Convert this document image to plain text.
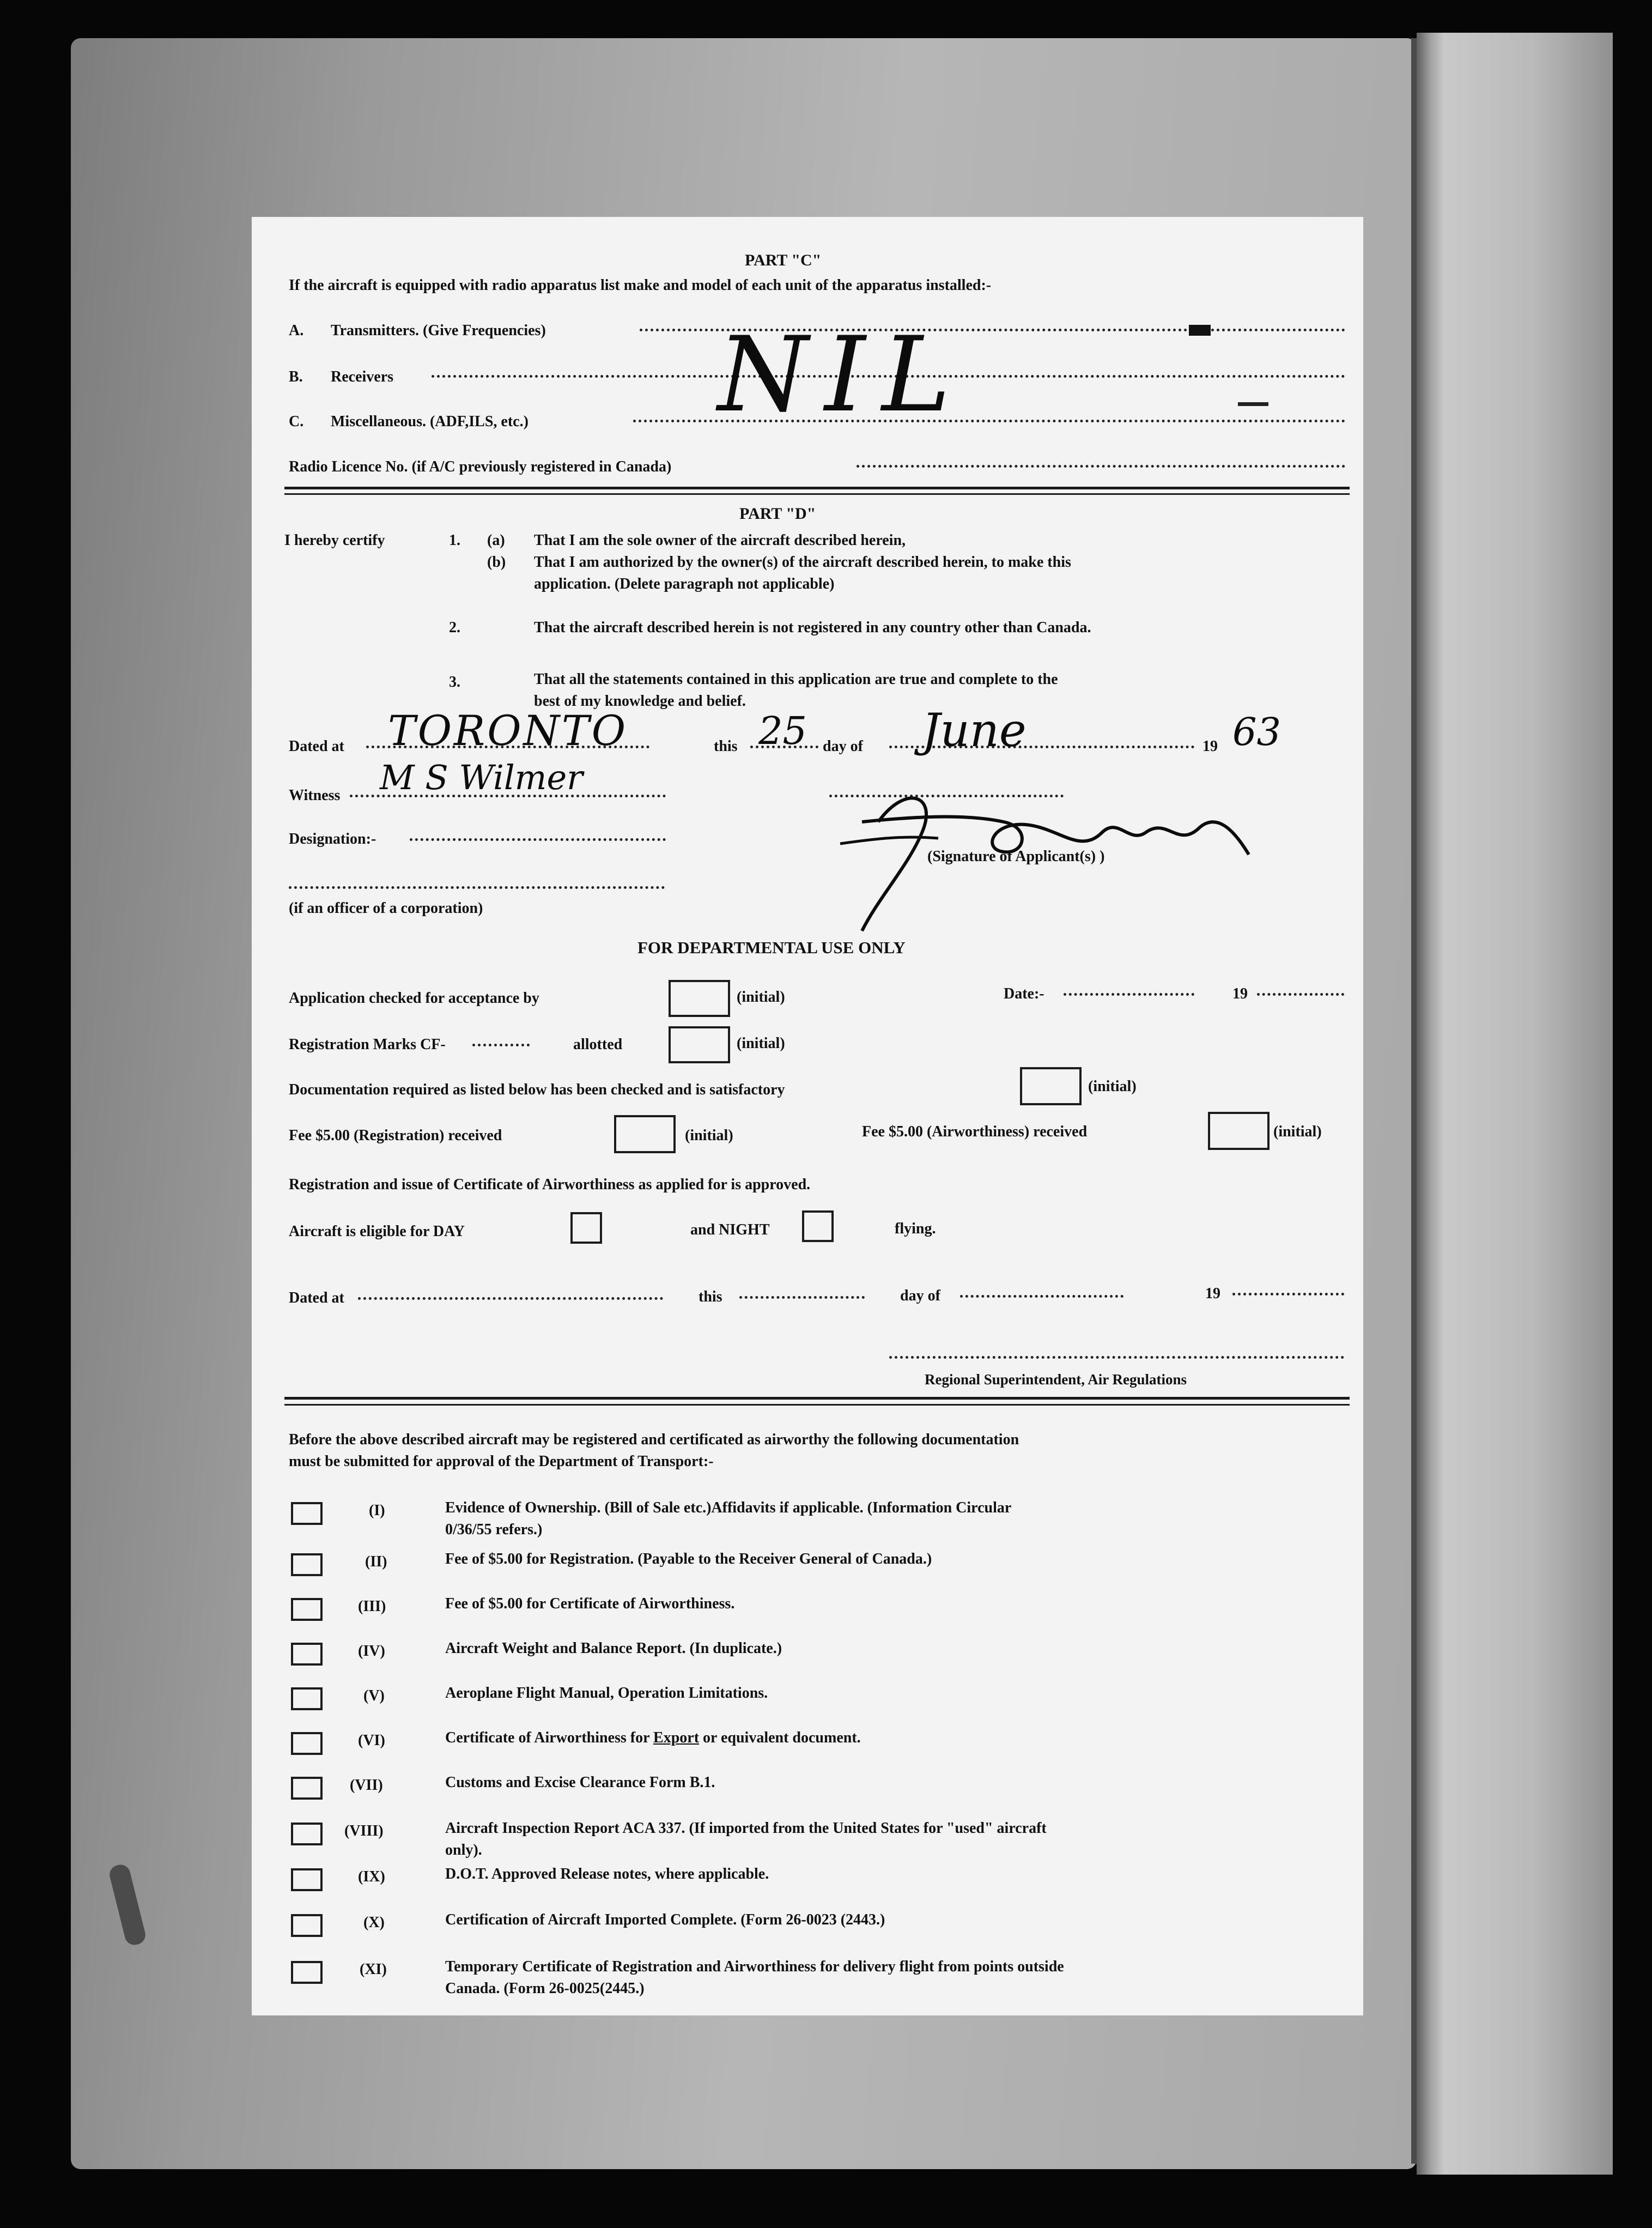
PART "C"
If the aircraft is equipped with radio apparatus list make and model of each unit of the apparatus installed:-
A. Transmitters. (Give Frequencies)
B. Receivers
C. Miscellaneous. (ADF,ILS, etc.)
Radio Licence No. (if A/C previously registered in Canada)
NIL
PART "D"
I hereby certify	1. (a) That I am the sole owner of the aircraft described herein,
(b) That I am authorized by the owner(s) of the aircraft described herein, to make this
application. (Delete paragraph not applicable)
2.	That the aircraft described herein is not registered in any country other than Canada.
3.	That all the statements contained in this application are true and complete to the
best of my knowledge and belief.
Dated at TORONTO	this 25 day of June	19 63
Witness M S Wilmer
Designation:-
(Signature of Applicant(s) )
(if an officer of a corporation)
FOR DEPARTMENTAL USE ONLY
Application checked for acceptance by	(initial)	Date:-	19
Registration Marks CF-	allotted	(initial)
Documentation required as listed below has been checked and is satisfactory	(initial)
Fee $5.00 (Registration) received	(initial)	Fee $5.00 (Airworthiness) received	(initial)
Registration and issue of Certificate of Airworthiness as applied for is approved.
Aircraft is eligible for DAY	and NIGHT	flying.
Dated at	this	day of	19
Regional Superintendent, Air Regulations
Before the above described aircraft may be registered and certificated as airworthy the following documentation
must be submitted for approval of the Department of Transport:-
(I)	Evidence of Ownership. (Bill of Sale etc.)Affidavits if applicable. (Information Circular
0/36/55 refers.)
(II)	Fee of $5.00 for Registration. (Payable to the Receiver General of Canada.)
(III)	Fee of $5.00 for Certificate of Airworthiness.
(IV)	Aircraft Weight and Balance Report. (In duplicate.)
(V)	Aeroplane Flight Manual, Operation Limitations.
(VI)	Certificate of Airworthiness for Export or equivalent document.
(VII)	Customs and Excise Clearance Form B.1.
(VIII)	Aircraft Inspection Report ACA 337. (If imported from the United States for "used" aircraft
only).
(IX)	D.O.T. Approved Release notes, where applicable.
(X)	Certification of Aircraft Imported Complete. (Form 26-0023 (2443.)
(XI)	Temporary Certificate of Registration and Airworthiness for delivery flight from points outside
Canada. (Form 26-0025(2445.)
